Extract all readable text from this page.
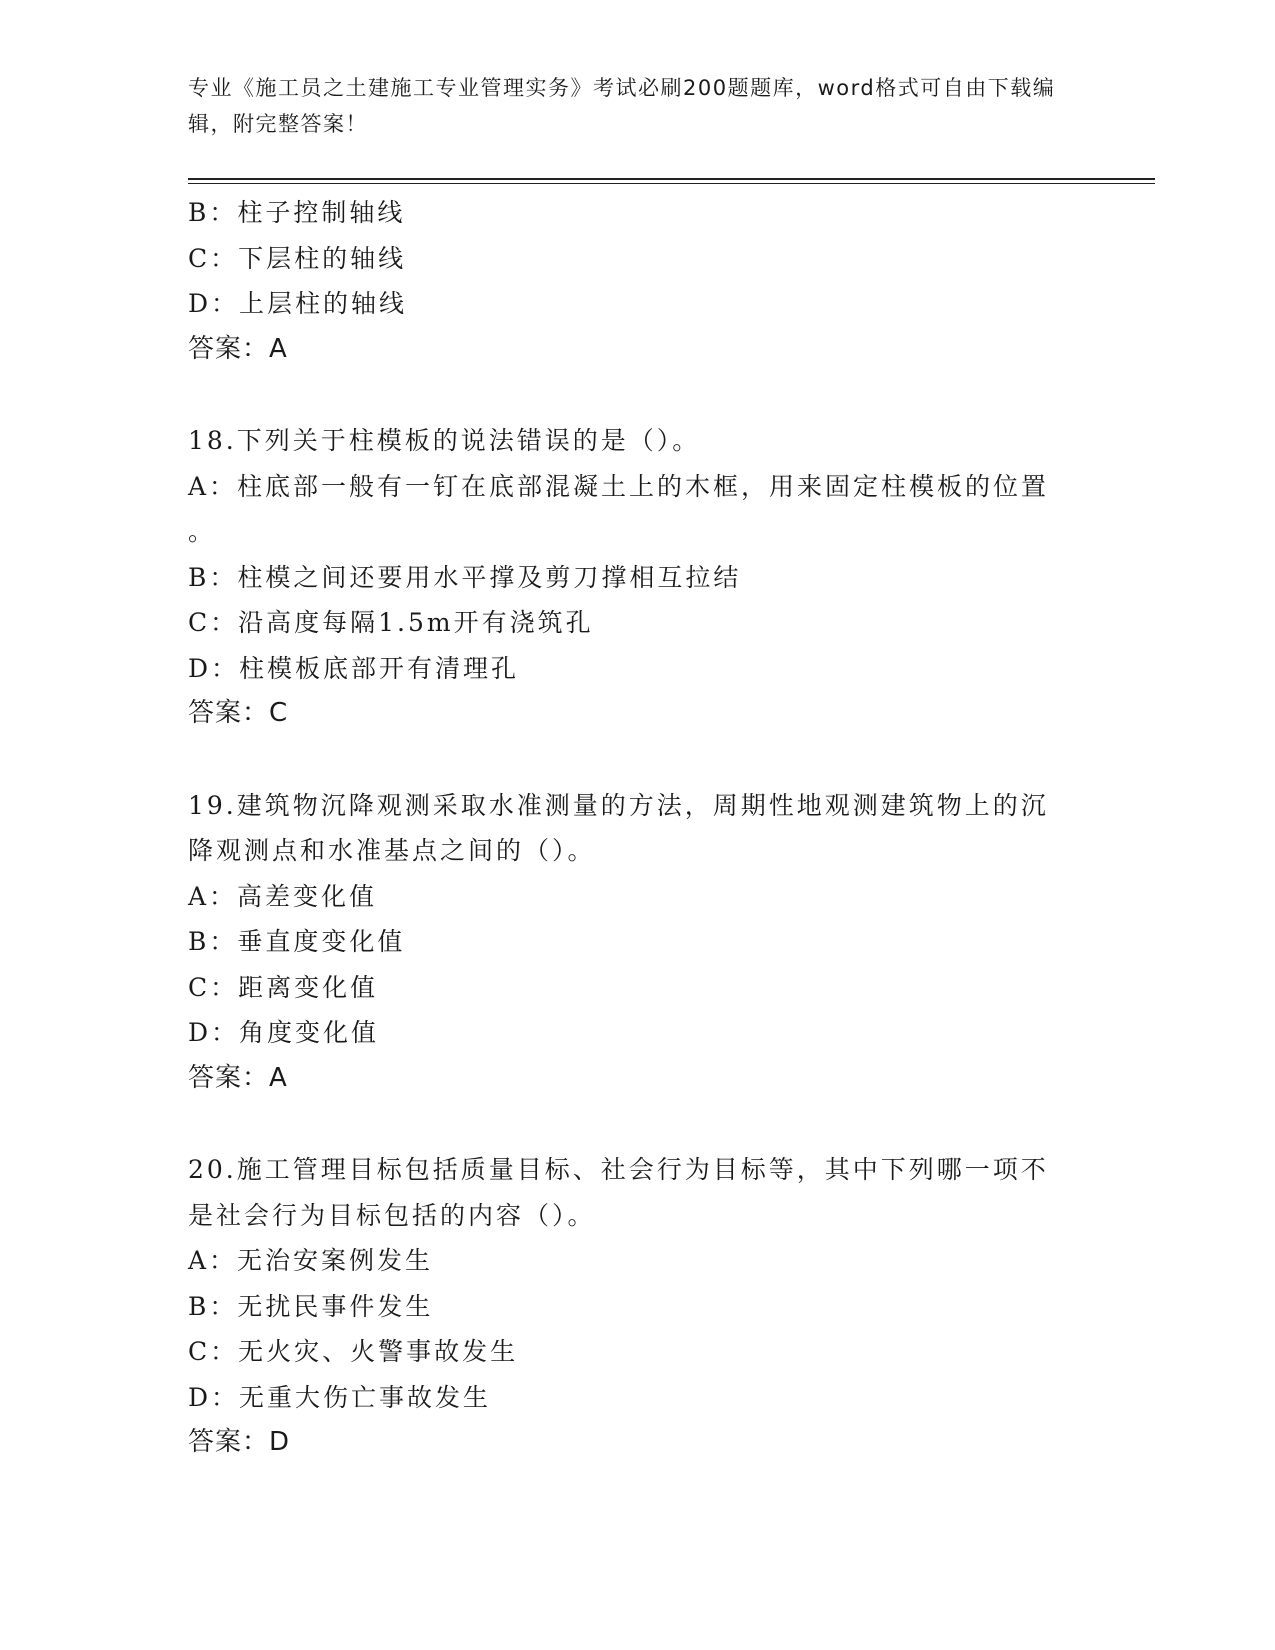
专业《施工员之土建施工专业管理实务》考试必刷200题题库，word格式可自由下载编辑，附完整答案！
B：柱子控制轴线
C：下层柱的轴线
D：上层柱的轴线
答案：A
18.下列关于柱模板的说法错误的是（）。
A：柱底部一般有一钉在底部混凝土上的木框，用来固定柱模板的位置
。
B：柱模之间还要用水平撑及剪刀撑相互拉结
C：沿高度每隔1.5m开有浇筑孔
D：柱模板底部开有清理孔
答案：C
19.建筑物沉降观测采取水准测量的方法，周期性地观测建筑物上的沉
降观测点和水准基点之间的（）。
A：高差变化值
B：垂直度变化值
C：距离变化值
D：角度变化值
答案：A
20.施工管理目标包括质量目标、社会行为目标等，其中下列哪一项不
是社会行为目标包括的内容（）。
A：无治安案例发生
B：无扰民事件发生
C：无火灾、火警事故发生
D：无重大伤亡事故发生
答案：D
